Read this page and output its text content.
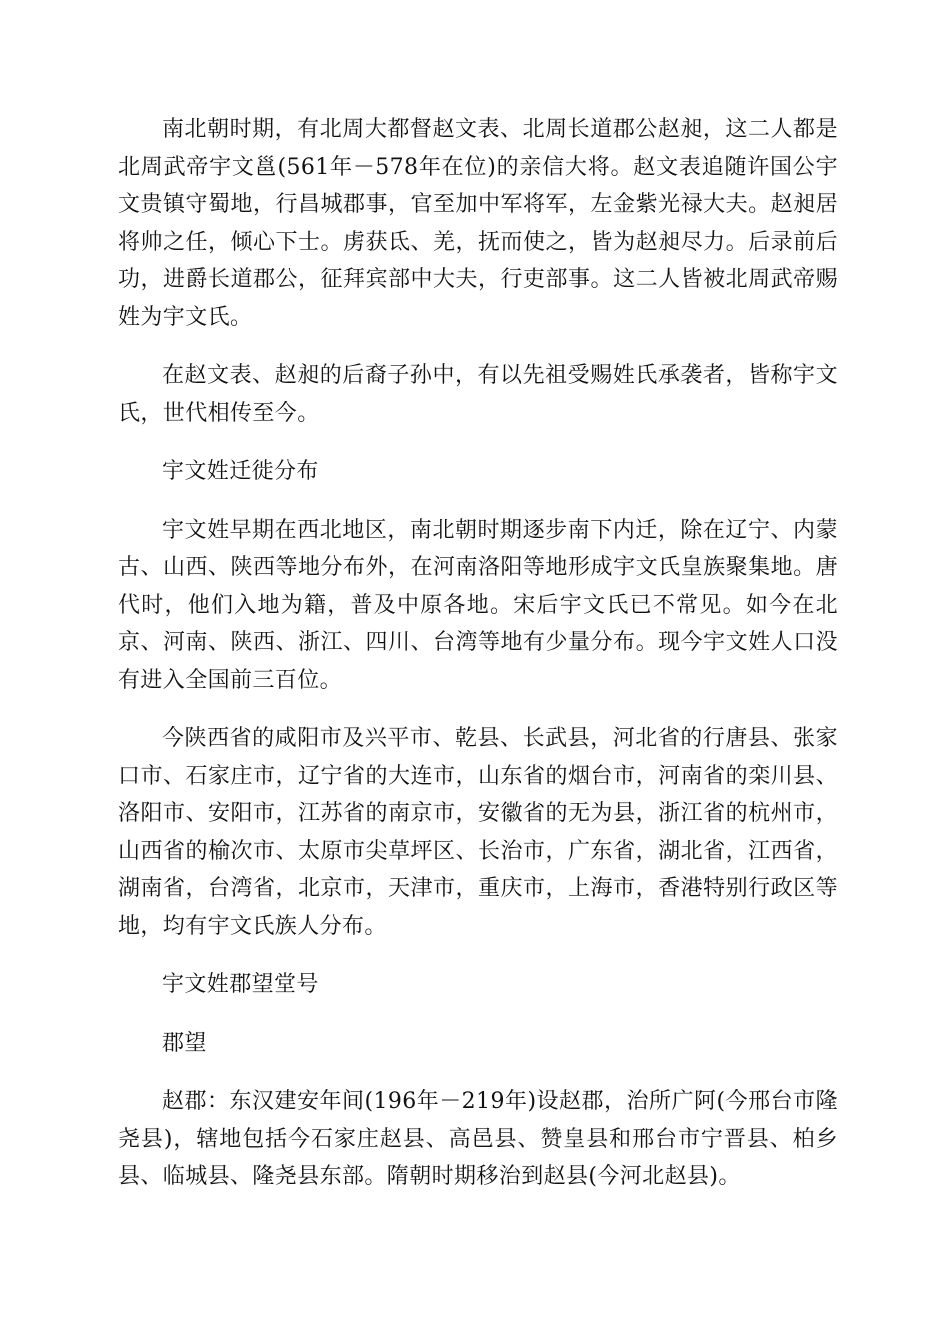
南北朝时期，有北周大都督赵文表、北周长道郡公赵昶，这二人都是北周武帝宇文邕(561年－578年在位)的亲信大将。赵文表追随许国公宇文贵镇守蜀地，行昌城郡事，官至加中军将军，左金紫光禄大夫。赵昶居将帅之任，倾心下士。虏获氐、羌，抚而使之，皆为赵昶尽力。后录前后功，进爵长道郡公，征拜宾部中大夫，行吏部事。这二人皆被北周武帝赐姓为宇文氏。

在赵文表、赵昶的后裔子孙中，有以先祖受赐姓氏承袭者，皆称宇文氏，世代相传至今。

宇文姓迁徙分布

宇文姓早期在西北地区，南北朝时期逐步南下内迁，除在辽宁、内蒙古、山西、陕西等地分布外，在河南洛阳等地形成宇文氏皇族聚集地。唐代时，他们入地为籍，普及中原各地。宋后宇文氏已不常见。如今在北京、河南、陕西、浙江、四川、台湾等地有少量分布。现今宇文姓人口没有进入全国前三百位。

今陕西省的咸阳市及兴平市、乾县、长武县，河北省的行唐县、张家口市、石家庄市，辽宁省的大连市，山东省的烟台市，河南省的栾川县、洛阳市、安阳市，江苏省的南京市，安徽省的无为县，浙江省的杭州市，山西省的榆次市、太原市尖草坪区、长治市，广东省，湖北省，江西省，湖南省，台湾省，北京市，天津市，重庆市，上海市，香港特别行政区等地，均有宇文氏族人分布。

宇文姓郡望堂号

郡望

赵郡：东汉建安年间(196年－219年)设赵郡，治所广阿(今邢台市隆尧县)，辖地包括今石家庄赵县、高邑县、赞皇县和邢台市宁晋县、柏乡县、临城县、隆尧县东部。隋朝时期移治到赵县(今河北赵县)。
